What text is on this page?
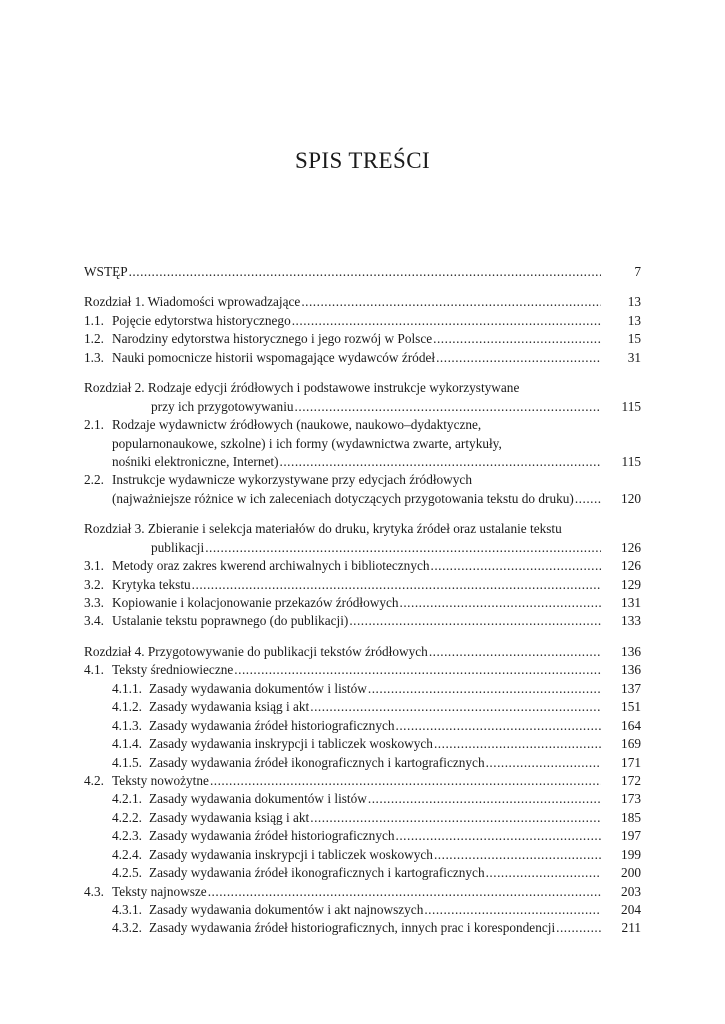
SPIS TREŚCI
WSTĘP .....	7
Rozdział 1. Wiadomości wprowadzające .....	13
1.1. Pojęcie edytorstwa historycznego .....	13
1.2. Narodziny edytorstwa historycznego i jego rozwój w Polsce .....	15
1.3. Nauki pomocnicze historii wspomagające wydawców źródeł .....	31
Rozdział 2. Rodzaje edycji źródłowych i podstawowe instrukcje wykorzystywane
przy ich przygotowywaniu .....	115
2.1. Rodzaje wydawnictw źródłowych (naukowe, naukowo–dydaktyczne,
popularnonaukowe, szkolne) i ich formy (wydawnictwa zwarte, artykuły,
nośniki elektroniczne, Internet) .....	115
2.2. Instrukcje wydawnicze wykorzystywane przy edycjach źródłowych
(najważniejsze różnice w ich zaleceniach dotyczących przygotowania tekstu do druku) .....	120
Rozdział 3. Zbieranie i selekcja materiałów do druku, krytyka źródeł oraz ustalanie tekstu
publikacji .....	126
3.1. Metody oraz zakres kwerend archiwalnych i bibliotecznych .....	126
3.2. Krytyka tekstu .....	129
3.3. Kopiowanie i kolacjonowanie przekazów źródłowych .....	131
3.4. Ustalanie tekstu poprawnego (do publikacji) .....	133
Rozdział 4. Przygotowywanie do publikacji tekstów źródłowych .....	136
4.1. Teksty średniowieczne .....	136
4.1.1. Zasady wydawania dokumentów i listów .....	137
4.1.2. Zasady wydawania ksiąg i akt .....	151
4.1.3. Zasady wydawania źródeł historiograficznych .....	164
4.1.4. Zasady wydawania inskrypcji i tabliczek woskowych .....	169
4.1.5. Zasady wydawania źródeł ikonograficznych i kartograficznych .....	171
4.2. Teksty nowożytne .....	172
4.2.1. Zasady wydawania dokumentów i listów .....	173
4.2.2. Zasady wydawania ksiąg i akt .....	185
4.2.3. Zasady wydawania źródeł historiograficznych .....	197
4.2.4. Zasady wydawania inskrypcji i tabliczek woskowych .....	199
4.2.5. Zasady wydawania źródeł ikonograficznych i kartograficznych .....	200
4.3. Teksty najnowsze .....	203
4.3.1. Zasady wydawania dokumentów i akt najnowszych .....	204
4.3.2. Zasady wydawania źródeł historiograficznych, innych prac i korespondencji .....	211
